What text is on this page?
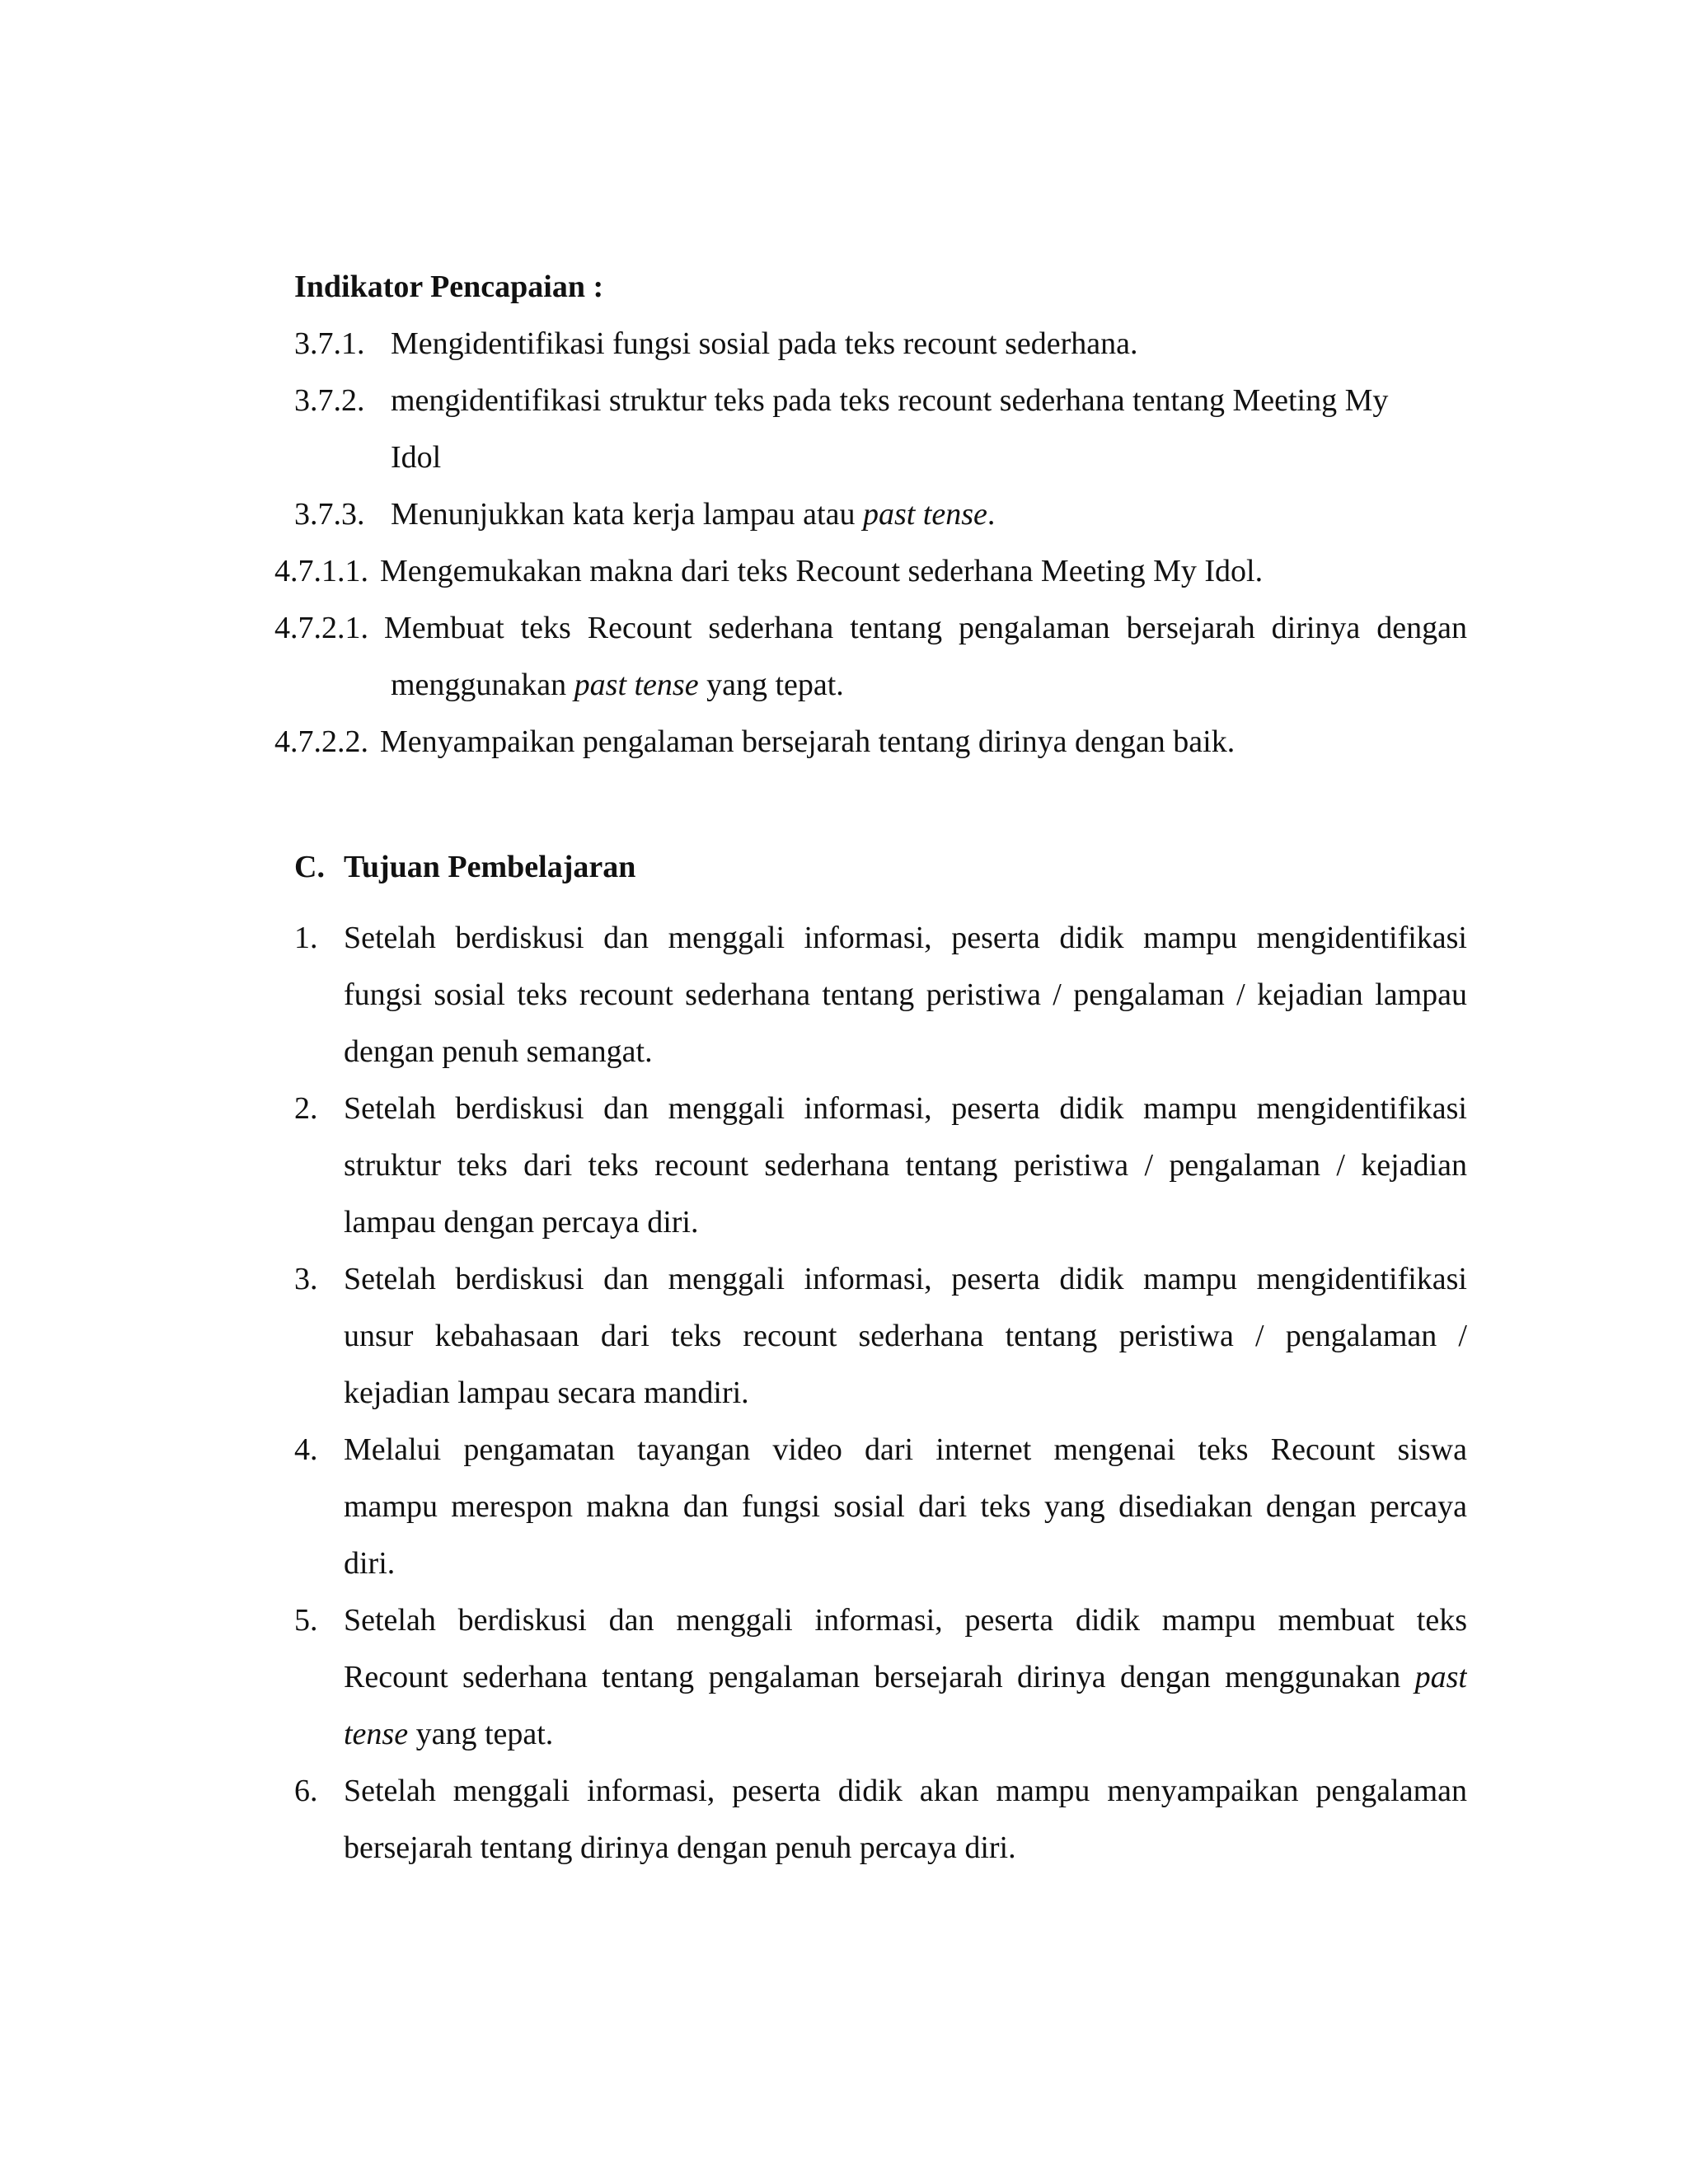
Indikator Pencapaian :
3.7.1. Mengidentifikasi fungsi sosial pada teks recount sederhana.
3.7.2. mengidentifikasi struktur teks pada teks recount sederhana tentang Meeting My
Idol
3.7.3. Menunjukkan kata kerja lampau atau past tense.
4.7.1.1. Mengemukakan makna dari teks Recount sederhana Meeting My Idol.
4.7.2.1. Membuat teks Recount sederhana tentang pengalaman bersejarah dirinya dengan
menggunakan past tense yang tepat.
4.7.2.2. Menyampaikan pengalaman bersejarah tentang dirinya dengan baik.
C. Tujuan Pembelajaran
1. Setelah berdiskusi dan menggali informasi, peserta didik mampu mengidentifikasi
fungsi sosial teks recount sederhana tentang peristiwa / pengalaman / kejadian lampau
dengan penuh semangat.
2. Setelah berdiskusi dan menggali informasi, peserta didik mampu mengidentifikasi
struktur teks dari teks recount sederhana tentang peristiwa / pengalaman / kejadian
lampau dengan percaya diri.
3. Setelah berdiskusi dan menggali informasi, peserta didik mampu mengidentifikasi
unsur kebahasaan dari teks recount sederhana tentang peristiwa / pengalaman /
kejadian lampau secara mandiri.
4. Melalui pengamatan tayangan video dari internet mengenai teks Recount siswa
mampu merespon makna dan fungsi sosial dari teks yang disediakan dengan percaya
diri.
5. Setelah berdiskusi dan menggali informasi, peserta didik mampu membuat teks
Recount sederhana tentang pengalaman bersejarah dirinya dengan menggunakan past
tense yang tepat.
6. Setelah menggali informasi, peserta didik akan mampu menyampaikan pengalaman
bersejarah tentang dirinya dengan penuh percaya diri.
